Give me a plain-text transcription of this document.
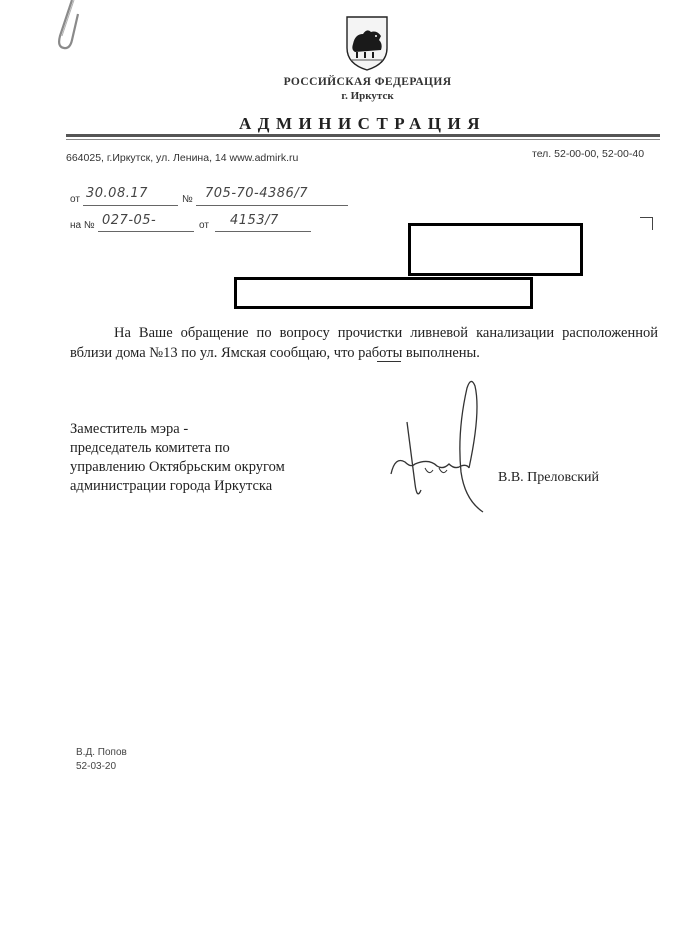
РОССИЙСКАЯ ФЕДЕРАЦИЯ
г. Иркутск
АДМИНИСТРАЦИЯ
664025, г.Иркутск, ул. Ленина, 14 www.admirk.ru	тел. 52-00-00, 52-00-40
от 30.08.17	№ 705-70-4386/7
на № 027-05-	от 4153/7
На Ваше обращение по вопросу прочистки ливневой канализации расположенной вблизи дома №13 по ул. Ямская сообщаю, что работы выполнены.
Заместитель мэра -
председатель комитета по
управлению Октябрьским округом
администрации города Иркутска
В.В. Преловский
В.Д. Попов
52-03-20
